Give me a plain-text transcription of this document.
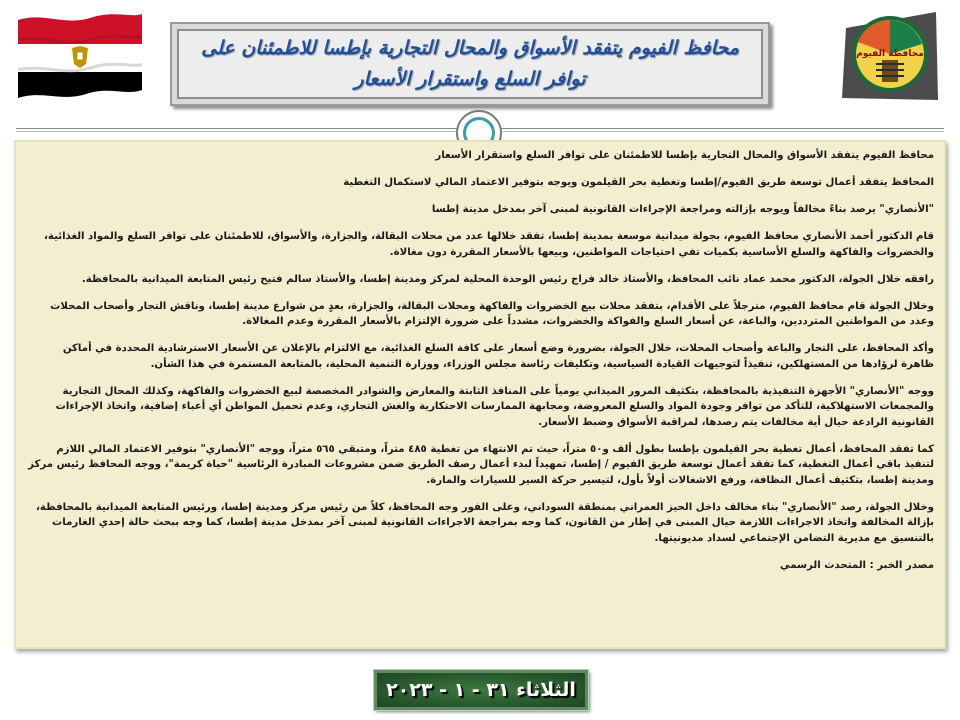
محافظ الفيوم يتفقد الأسواق والمحال التجارية بإطسا للاطمئنان على توافر السلع واستقرار الأسعار
محافظة الفيوم

محافظ الفيوم يتفقد الأسواق والمحال التجارية بإطسا للاطمئنان على توافر السلع واستقرار الأسعار

المحافظ يتفقد أعمال توسعة طريق الفيوم/إطسا وتغطية بحر القيلمون ويوجه بتوفير الاعتماد المالي لاستكمال التغطية

"الأنصاري" يرصد بناءً مخالفاً ويوجه بإزالته ومراجعة الإجراءات القانونية لمبنى آخر بمدخل مدينة إطسا

قام الدكتور أحمد الأنصاري محافظ الفيوم، بجولة ميدانية موسعة بمدينة إطسا، تفقد خلالها عدد من محلات البقالة، والجزارة، والأسواق، للاطمئنان على توافر السلع والمواد الغذائية، والخضروات والفاكهة والسلع الأساسية بكميات تفي احتياجات المواطنين، وبيعها بالأسعار المقررة دون مغالاة.

رافقه خلال الجولة، الدكتور محمد عماد نائب المحافظ، والأستاذ خالد فراج رئيس الوحدة المحلية لمركز ومدينة إطسا، والأستاذ سالم فتيح رئيس المتابعة الميدانية بالمحافظة.

وخلال الجولة قام محافظ الفيوم، مترجلاً على الأقدام، بتفقد محلات بيع الخضروات والفاكهة ومحلات البقالة، والجزارة، بعدٍ من شوارع مدينة إطسا، وناقش التجار وأصحاب المحلات وعدد من المواطنين المترددين، والباعة، عن أسعار السلع والفواكة والخضروات، مشدداً على ضرورة الإلتزام بالأسعار المقررة وعدم المغالاة.

وأكد المحافظ، على التجار والباعة وأصحاب المحلات، خلال الجولة، بضرورة وضع أسعار على كافة السلع الغذائية، مع الالتزام بالإعلان عن الأسعار الاسترشادية المحددة في أماكن ظاهرة لرؤادها من المستهلكين، تنفيذاً لتوجيهات القيادة السياسية، وتكليفات رئاسة مجلس الوزراء، ووزارة التنمية المحلية، بالمتابعة المستمرة في هذا الشأن.

ووجه "الأنصاري" الأجهزة التنفيذية بالمحافظة، بتكثيف المرور الميداني يومياً على المنافذ الثابتة والمعارض والشوادر المخصصة لبيع الخضروات والفاكهة، وكذلك المحال التجارية والمجمعات الاستهلاكية، للتأكد من توافر وجودة المواد والسلع المعروضة، ومجابهة الممارسات الاحتكارية والغش التجاري، وعدم تحميل المواطن أي أعباء إضافية، واتخاذ الإجراءات القانونية الرادعة حيال أية مخالفات يتم رصدها، لمراقبة الأسواق وضبط الأسعار.

كما تفقد المحافظ، أعمال تغطية بحر القيلمون بإطسا بطول ألف و٥٠ متراً، حيث تم الانتهاء من تغطية ٤٨٥ متراً، ومتبقي ٥٦٥ متراً، ووجه "الأنصاري" بتوفير الاعتماد المالي اللازم لتنفيذ باقي أعمال التغطية، كما تفقد أعمال توسعة طريق الفيوم / إطسا، تمهيداً لبدء أعمال رصف الطريق ضمن مشروعات المبادرة الرئاسية "حياة كريمة"، ووجه المحافظ رئيس مركز ومدينة إطسا، بتكثيف أعمال النظافة، ورفع الاشغالات أولاً بأول، لتيسير حركة السير للسيارات والمارة.

وخلال الجولة، رصد "الأنصاري" بناء مخالف داخل الحيز العمراني بمنطقة السوداني، وعلى الفور وجه المحافظ، كلاً من رئيس مركز ومدينة إطسا، ورئيس المتابعة الميدانية بالمحافظة، بإزالة المخالفة واتخاذ الاجراءات اللازمة حيال المبنى في إطار من القانون، كما وجه بمراجعة الاجراءات القانونية لمبنى آخر بمدخل مدينة إطسا، كما وجه ببحث حالة إحدي الغارمات بالتنسيق مع مديرية التضامن الإجتماعي لسداد مديونيتها.

مصدر الخبر : المتحدث الرسمي

الثلاثاء ٣١ - ١ - ٢٠٢٣
